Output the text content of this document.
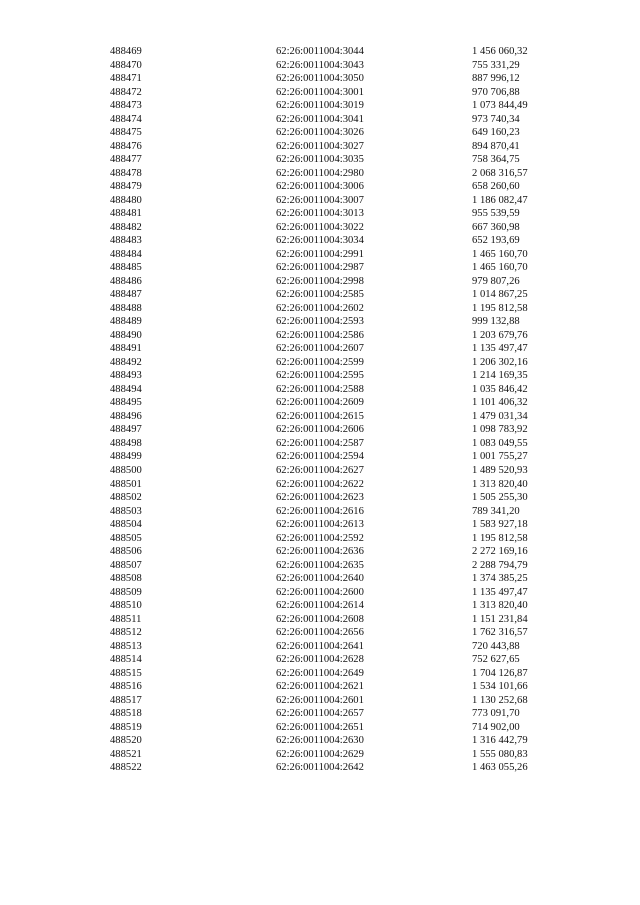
488469	62:26:0011004:3044	1 456 060,32
488470	62:26:0011004:3043	755 331,29
488471	62:26:0011004:3050	887 996,12
488472	62:26:0011004:3001	970 706,88
488473	62:26:0011004:3019	1 073 844,49
488474	62:26:0011004:3041	973 740,34
488475	62:26:0011004:3026	649 160,23
488476	62:26:0011004:3027	894 870,41
488477	62:26:0011004:3035	758 364,75
488478	62:26:0011004:2980	2 068 316,57
488479	62:26:0011004:3006	658 260,60
488480	62:26:0011004:3007	1 186 082,47
488481	62:26:0011004:3013	955 539,59
488482	62:26:0011004:3022	667 360,98
488483	62:26:0011004:3034	652 193,69
488484	62:26:0011004:2991	1 465 160,70
488485	62:26:0011004:2987	1 465 160,70
488486	62:26:0011004:2998	979 807,26
488487	62:26:0011004:2585	1 014 867,25
488488	62:26:0011004:2602	1 195 812,58
488489	62:26:0011004:2593	999 132,88
488490	62:26:0011004:2586	1 203 679,76
488491	62:26:0011004:2607	1 135 497,47
488492	62:26:0011004:2599	1 206 302,16
488493	62:26:0011004:2595	1 214 169,35
488494	62:26:0011004:2588	1 035 846,42
488495	62:26:0011004:2609	1 101 406,32
488496	62:26:0011004:2615	1 479 031,34
488497	62:26:0011004:2606	1 098 783,92
488498	62:26:0011004:2587	1 083 049,55
488499	62:26:0011004:2594	1 001 755,27
488500	62:26:0011004:2627	1 489 520,93
488501	62:26:0011004:2622	1 313 820,40
488502	62:26:0011004:2623	1 505 255,30
488503	62:26:0011004:2616	789 341,20
488504	62:26:0011004:2613	1 583 927,18
488505	62:26:0011004:2592	1 195 812,58
488506	62:26:0011004:2636	2 272 169,16
488507	62:26:0011004:2635	2 288 794,79
488508	62:26:0011004:2640	1 374 385,25
488509	62:26:0011004:2600	1 135 497,47
488510	62:26:0011004:2614	1 313 820,40
488511	62:26:0011004:2608	1 151 231,84
488512	62:26:0011004:2656	1 762 316,57
488513	62:26:0011004:2641	720 443,88
488514	62:26:0011004:2628	752 627,65
488515	62:26:0011004:2649	1 704 126,87
488516	62:26:0011004:2621	1 534 101,66
488517	62:26:0011004:2601	1 130 252,68
488518	62:26:0011004:2657	773 091,70
488519	62:26:0011004:2651	714 902,00
488520	62:26:0011004:2630	1 316 442,79
488521	62:26:0011004:2629	1 555 080,83
488522	62:26:0011004:2642	1 463 055,26
